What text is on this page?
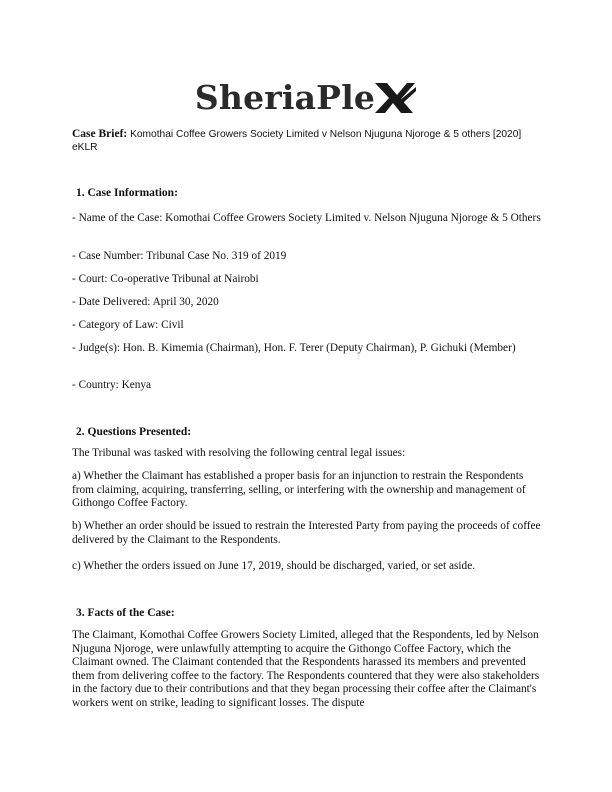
SheriaPle
Case Brief: Komothai Coffee Growers Society Limited v Nelson Njuguna Njoroge & 5 others [2020] eKLR
1. Case Information:
- Name of the Case: Komothai Coffee Growers Society Limited v. Nelson Njuguna Njoroge & 5 Others
- Case Number: Tribunal Case No. 319 of 2019
- Court: Co-operative Tribunal at Nairobi
- Date Delivered: April 30, 2020
- Category of Law: Civil
- Judge(s): Hon. B. Kimemia (Chairman), Hon. F. Terer (Deputy Chairman), P. Gichuki (Member)
- Country: Kenya
2. Questions Presented:
The Tribunal was tasked with resolving the following central legal issues:
a) Whether the Claimant has established a proper basis for an injunction to restrain the Respondents from claiming, acquiring, transferring, selling, or interfering with the ownership and management of Githongo Coffee Factory.
b) Whether an order should be issued to restrain the Interested Party from paying the proceeds of coffee delivered by the Claimant to the Respondents.
c) Whether the orders issued on June 17, 2019, should be discharged, varied, or set aside.
3. Facts of the Case:
The Claimant, Komothai Coffee Growers Society Limited, alleged that the Respondents, led by Nelson Njuguna Njoroge, were unlawfully attempting to acquire the Githongo Coffee Factory, which the Claimant owned. The Claimant contended that the Respondents harassed its members and prevented them from delivering coffee to the factory. The Respondents countered that they were also stakeholders in the factory due to their contributions and that they began processing their coffee after the Claimant's workers went on strike, leading to significant losses. The dispute
